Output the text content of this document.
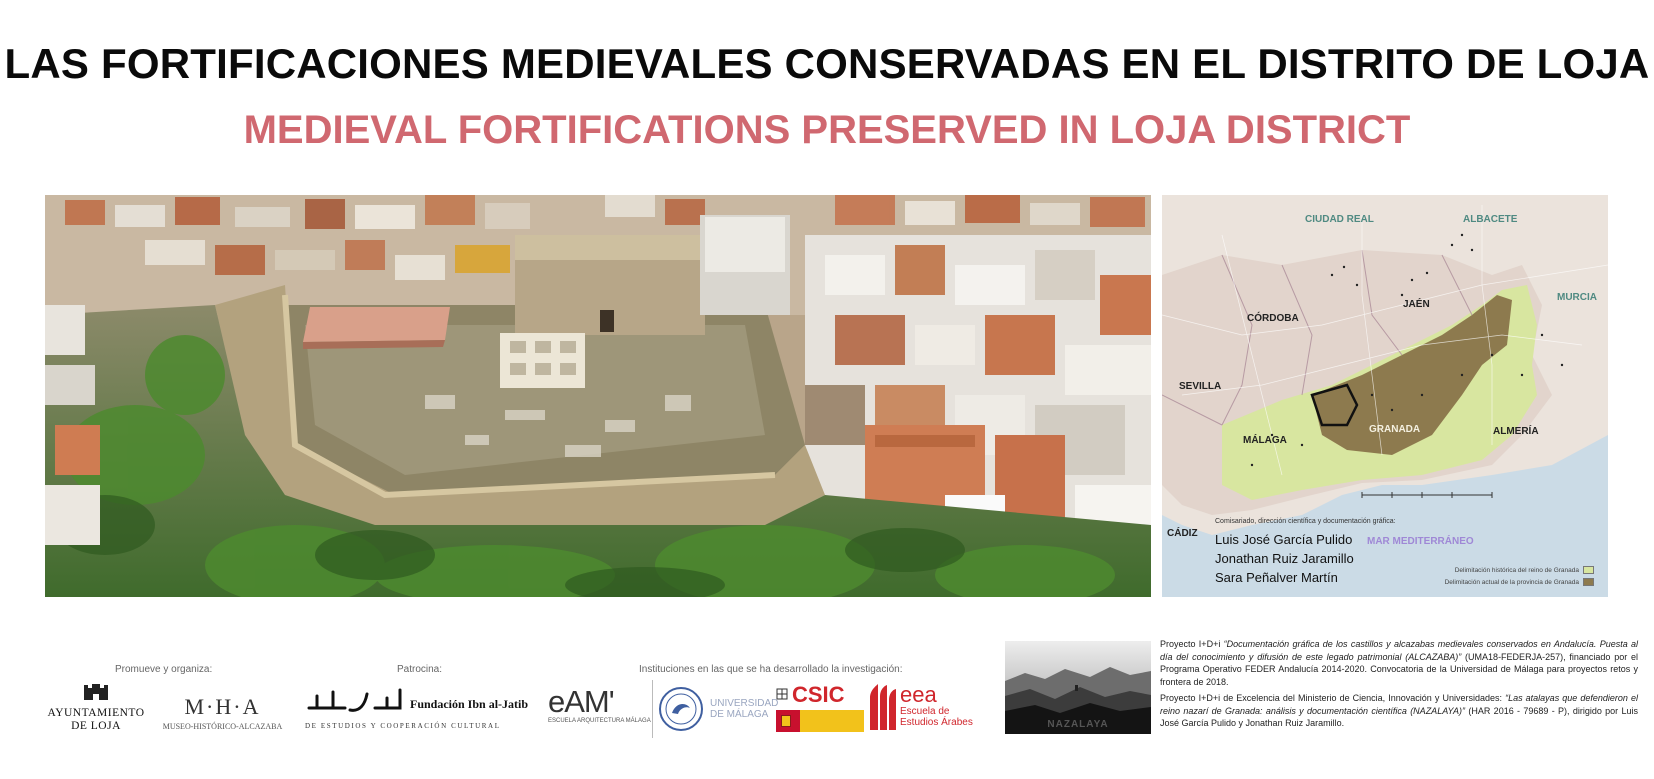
LAS FORTIFICACIONES MEDIEVALES CONSERVADAS EN EL DISTRITO DE LOJA
MEDIEVAL FORTIFICATIONS PRESERVED IN LOJA DISTRICT
CIUDAD REAL	ALBACETE
MURCIA
JAÉN
CÓRDOBA
SEVILLA
GRANADA
MÁLAGA
ALMERÍA
CÁDIZ
MAR MEDITERRÁNEO
Comisariado, dirección científica y documentación gráfica:
Luis José García Pulido
Jonathan Ruiz Jaramillo
Sara Peñalver Martín	Delimitación histórica del reino de Granada
Delimitación actual de la provincia de Granada
Promueve y organiza:	Patrocina:	Instituciones en las que se ha desarrollado la investigación:
AYUNTAMIENTO
DE LOJA
M·H·A
MUSEO-HISTÓRICO-ALCAZABA
Fundación Ibn al-Jatib
DE ESTUDIOS Y COOPERACIÓN CULTURAL
eAM'
ESCUELA ARQUITECTURA MÁLAGA
UNIVERSIDAD
DE MÁLAGA
CSIC	eea
Escuela de
Estudios Árabes	NAZALAYA

Proyecto I+D+i “Documentación gráfica de los castillos y alcazabas medievales conservados en Andalucía. Puesta al día del conocimiento y difusión de este legado patrimonial (ALCAZABA)” (UMA18-FEDERJA-257), financiado por el Programa Operativo FEDER Andalucía 2014-2020. Convocatoria de la Universidad de Málaga para proyectos retos y frontera de 2018.

Proyecto I+D+i de Excelencia del Ministerio de Ciencia, Innovación y Universidades: “Las atalayas que defendieron el reino nazarí de Granada: análisis y documentación científica (NAZALAYA)” (HAR 2016 - 79689 - P), dirigido por Luis José García Pulido y Jonathan Ruiz Jaramillo.
